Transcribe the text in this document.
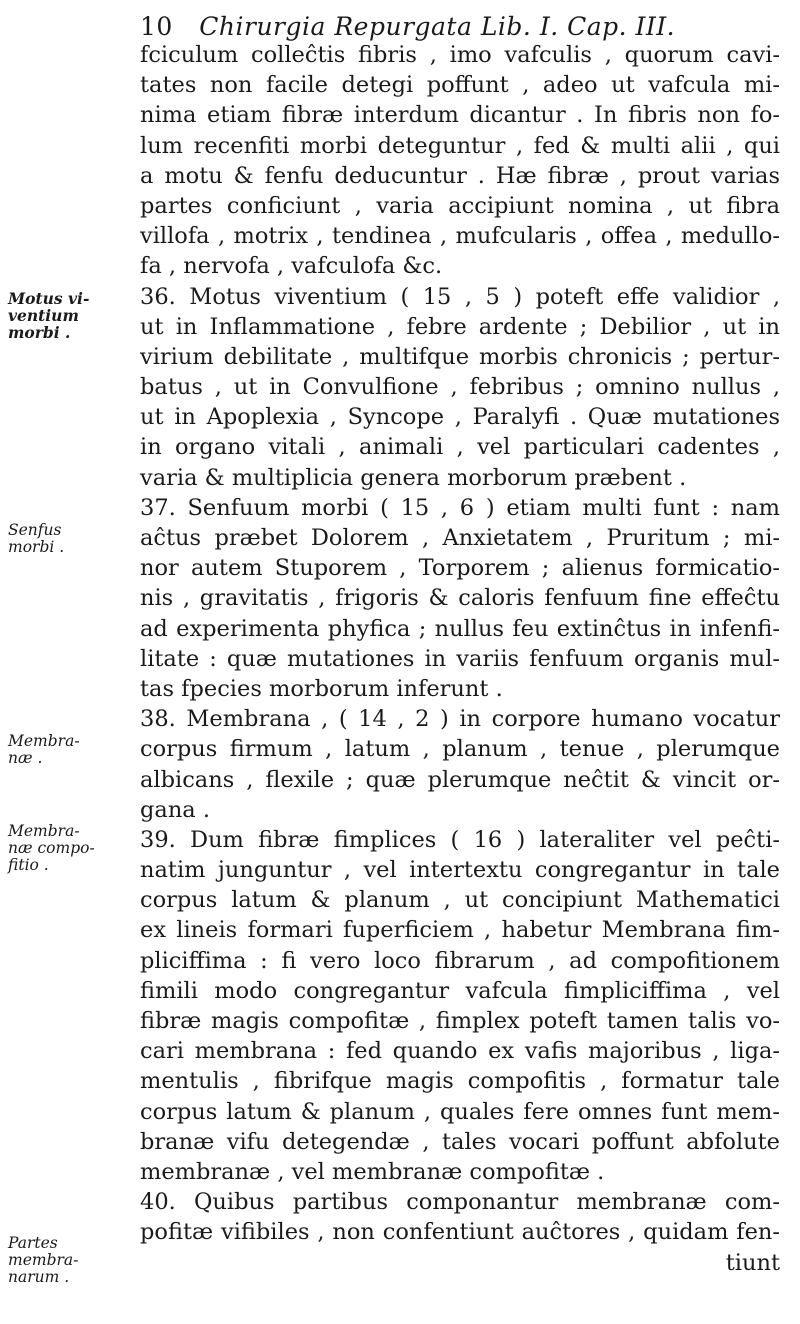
10 Chirurgia Repurgata Lib. I. Cap. III.
fciculum colleĉtis fibris , imo vafculis , quorum cavi-
tates non facile detegi poffunt , adeo ut vafcula mi-
nima etiam fibræ interdum dicantur . In fibris non fo-
lum recenfiti morbi deteguntur , fed & multi alii , qui
a motu & fenfu deducuntur . Hæ fibræ , prout varias
partes conficiunt , varia accipiunt nomina , ut fibra
villofa , motrix , tendinea , mufcularis , offea , medullo-
fa , nervofa , vafculofa &c.
36. Motus viventium ( 15 , 5 ) poteft effe validior ,
ut in Inflammatione , febre ardente ; Debilior , ut in
virium debilitate , multifque morbis chronicis ; pertur-
batus , ut in Convulfione , febribus ; omnino nullus ,
ut in Apoplexia , Syncope , Paralyfi . Quæ mutationes
in organo vitali , animali , vel particulari cadentes ,
varia & multiplicia genera morborum præbent .
37. Senfuum morbi ( 15 , 6 ) etiam multi funt : nam
aĉtus præbet Dolorem , Anxietatem , Pruritum ; mi-
nor autem Stuporem , Torporem ; alienus formicatio-
nis , gravitatis , frigoris & caloris fenfuum fine effeĉtu
ad experimenta phyfica ; nullus feu extinĉtus in infenfi-
litate : quæ mutationes in variis fenfuum organis mul-
tas fpecies morborum inferunt .
38. Membrana , ( 14 , 2 ) in corpore humano vocatur
corpus firmum , latum , planum , tenue , plerumque
albicans , flexile ; quæ plerumque neĉtit & vincit or-
gana .
39. Dum fibræ fimplices ( 16 ) lateraliter vel peĉti-
natim junguntur , vel intertextu congregantur in tale
corpus latum & planum , ut concipiunt Mathematici
ex lineis formari fuperficiem , habetur Membrana fim-
pliciffima : fi vero loco fibrarum , ad compofitionem
fimili modo congregantur vafcula fimpliciffima , vel
fibræ magis compofitæ , fimplex poteft tamen talis vo-
cari membrana : fed quando ex vafis majoribus , liga-
mentulis , fibrifque magis compofitis , formatur tale
corpus latum & planum , quales fere omnes funt mem-
branæ vifu detegendæ , tales vocari poffunt abfolute
membranæ , vel membranæ compofitæ .
40. Quibus partibus componantur membranæ com-
pofitæ vifibiles , non confentiunt auĉtores , quidam fen-
tiunt
Motus vi-
ventium
morbi .
Senfus
morbi .
Membra-
næ .
Membra-
næ compo-
fitio .
Partes
membra-
narum .
